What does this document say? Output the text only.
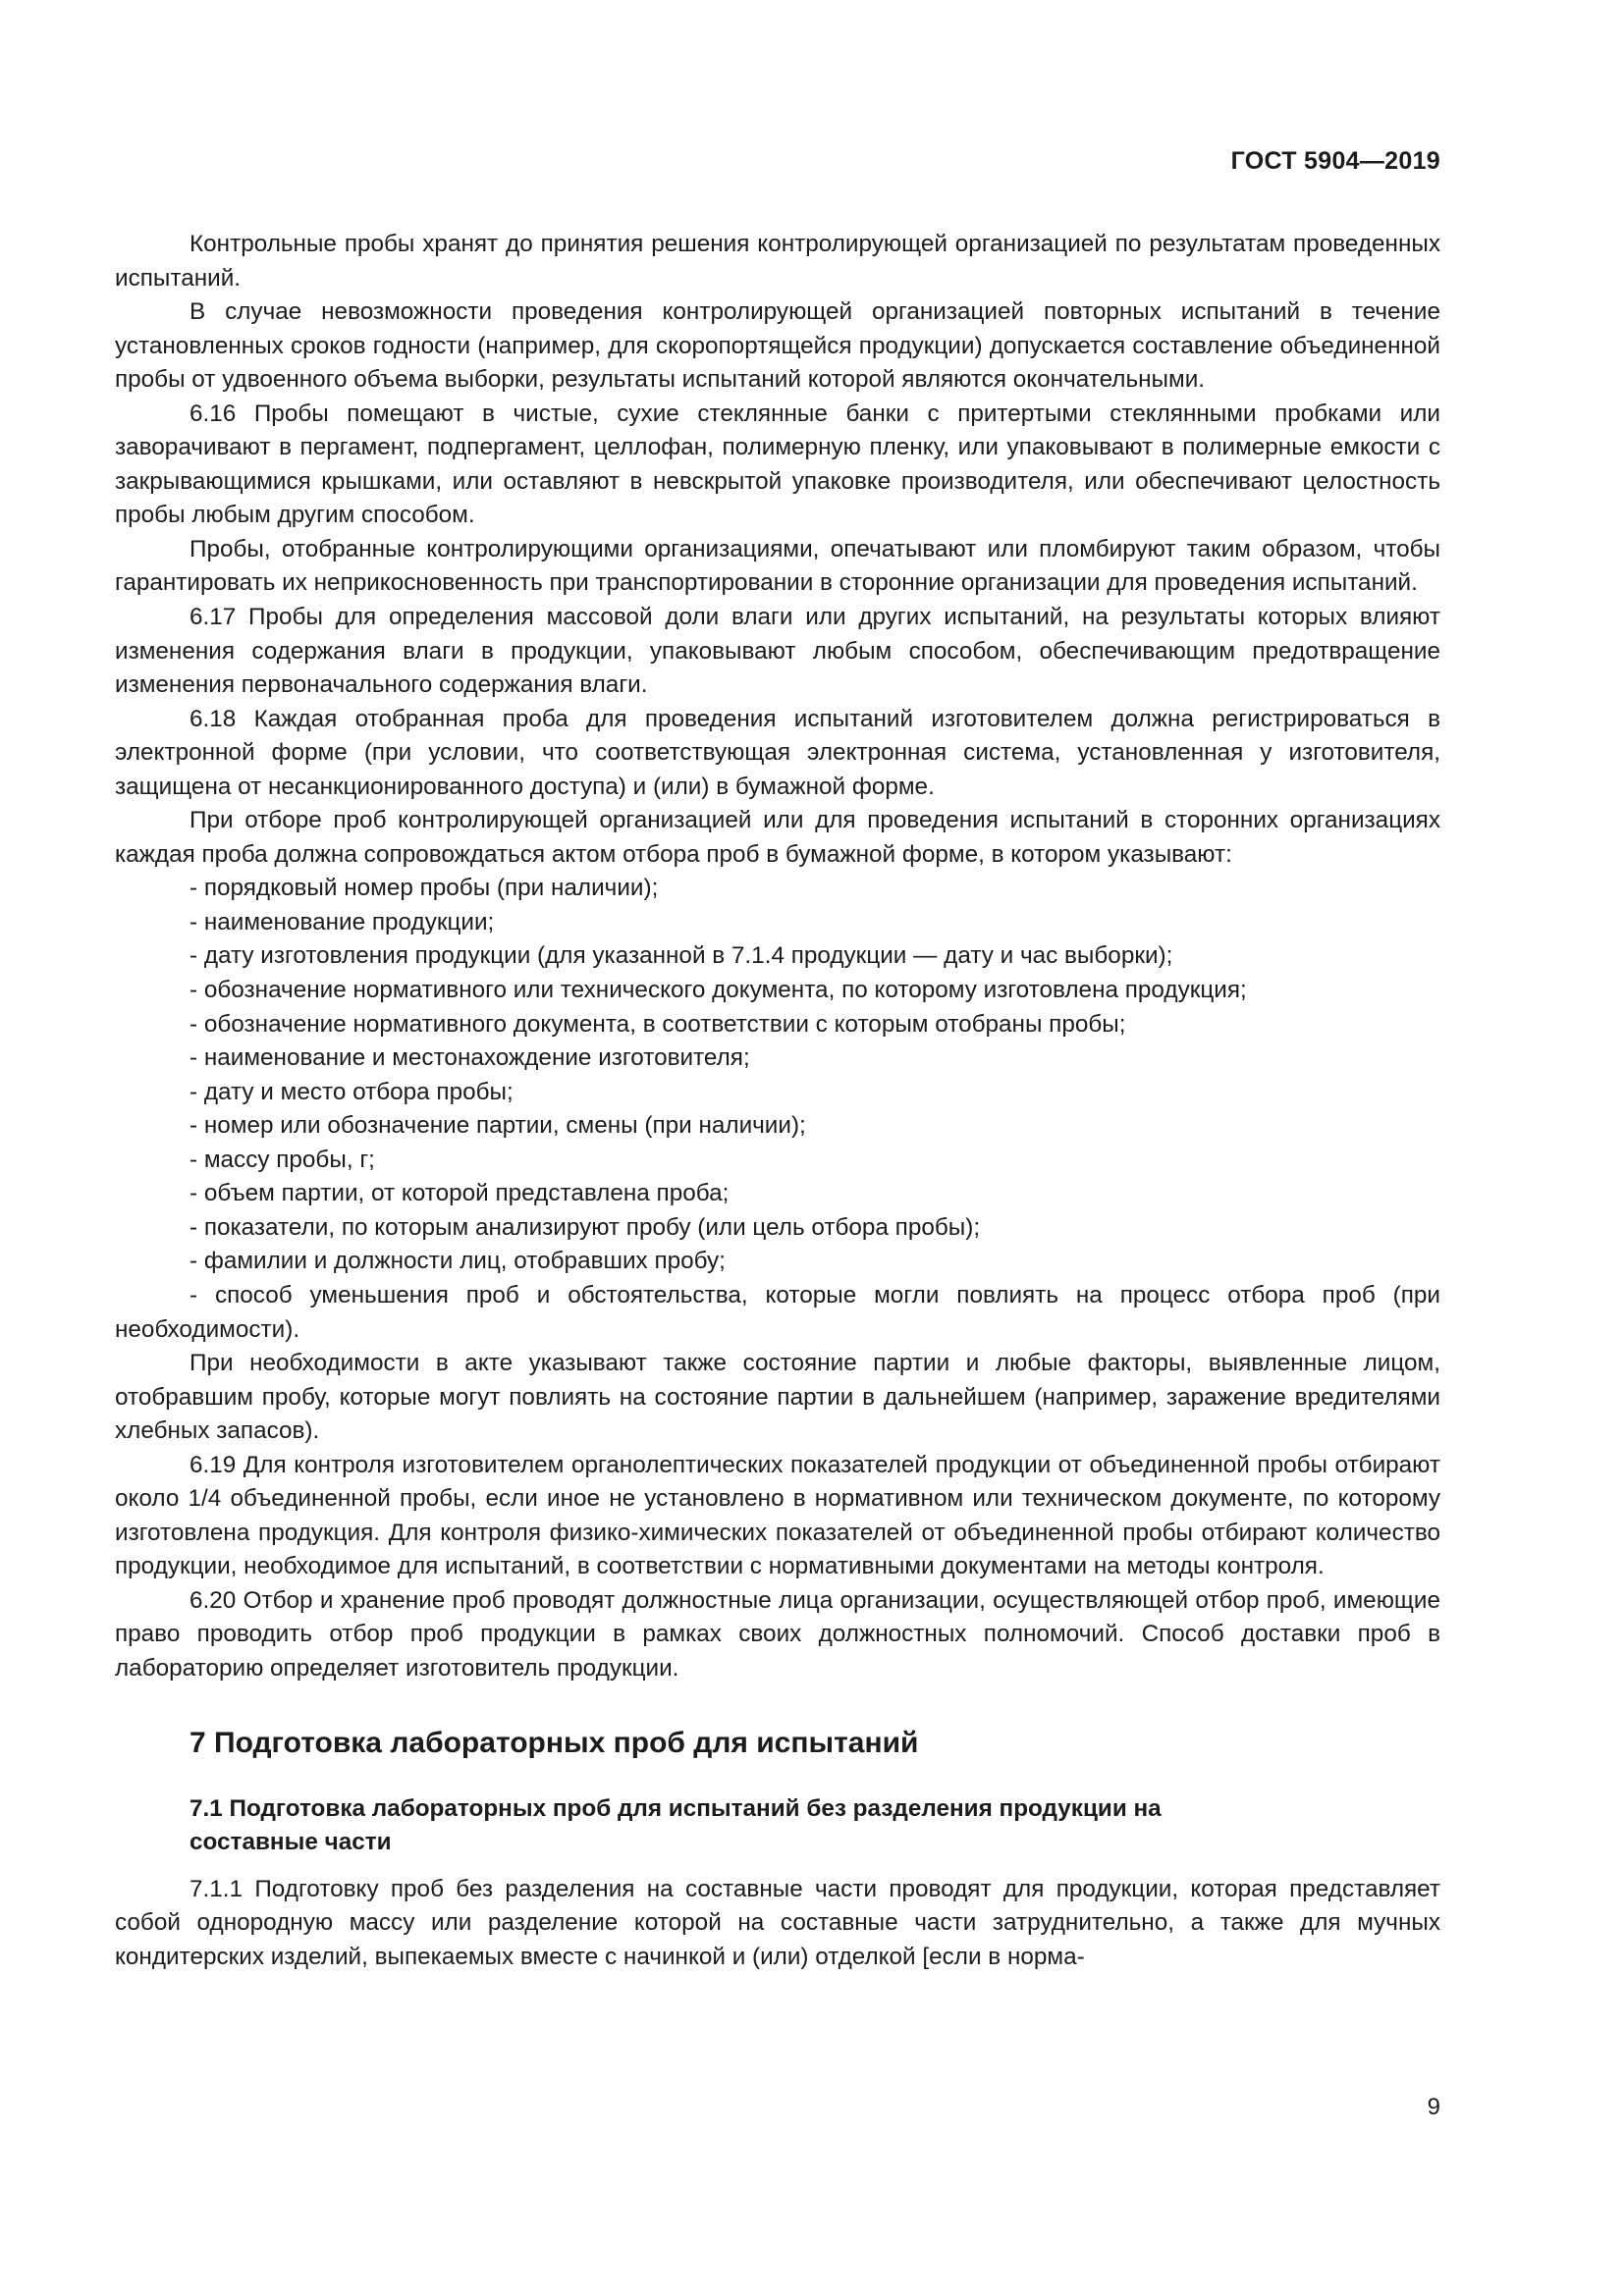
ГОСТ 5904—2019

Контрольные пробы хранят до принятия решения контролирующей организацией по результатам проведенных испытаний.

В случае невозможности проведения контролирующей организацией повторных испытаний в течение установленных сроков годности (например, для скоропортящейся продукции) допускается составление объединенной пробы от удвоенного объема выборки, результаты испытаний которой являются окончательными.

6.16 Пробы помещают в чистые, сухие стеклянные банки с притертыми стеклянными пробками или заворачивают в пергамент, подпергамент, целлофан, полимерную пленку, или упаковывают в полимерные емкости с закрывающимися крышками, или оставляют в невскрытой упаковке производителя, или обеспечивают целостность пробы любым другим способом.

Пробы, отобранные контролирующими организациями, опечатывают или пломбируют таким образом, чтобы гарантировать их неприкосновенность при транспортировании в сторонние организации для проведения испытаний.

6.17 Пробы для определения массовой доли влаги или других испытаний, на результаты которых влияют изменения содержания влаги в продукции, упаковывают любым способом, обеспечивающим предотвращение изменения первоначального содержания влаги.

6.18 Каждая отобранная проба для проведения испытаний изготовителем должна регистрироваться в электронной форме (при условии, что соответствующая электронная система, установленная у изготовителя, защищена от несанкционированного доступа) и (или) в бумажной форме.

При отборе проб контролирующей организацией или для проведения испытаний в сторонних организациях каждая проба должна сопровождаться актом отбора проб в бумажной форме, в котором указывают:

- порядковый номер пробы (при наличии);

- наименование продукции;

- дату изготовления продукции (для указанной в 7.1.4 продукции — дату и час выборки);

- обозначение нормативного или технического документа, по которому изготовлена продукция;

- обозначение нормативного документа, в соответствии с которым отобраны пробы;

- наименование и местонахождение изготовителя;

- дату и место отбора пробы;

- номер или обозначение партии, смены (при наличии);

- массу пробы, г;

- объем партии, от которой представлена проба;

- показатели, по которым анализируют пробу (или цель отбора пробы);

- фамилии и должности лиц, отобравших пробу;

- способ уменьшения проб и обстоятельства, которые могли повлиять на процесс отбора проб (при необходимости).

При необходимости в акте указывают также состояние партии и любые факторы, выявленные лицом, отобравшим пробу, которые могут повлиять на состояние партии в дальнейшем (например, заражение вредителями хлебных запасов).

6.19 Для контроля изготовителем органолептических показателей продукции от объединенной пробы отбирают около 1/4 объединенной пробы, если иное не установлено в нормативном или техническом документе, по которому изготовлена продукция. Для контроля физико-химических показателей от объединенной пробы отбирают количество продукции, необходимое для испытаний, в соответствии с нормативными документами на методы контроля.

6.20 Отбор и хранение проб проводят должностные лица организации, осуществляющей отбор проб, имеющие право проводить отбор проб продукции в рамках своих должностных полномочий. Способ доставки проб в лабораторию определяет изготовитель продукции.

7 Подготовка лабораторных проб для испытаний
7.1 Подготовка лабораторных проб для испытаний без разделения продукции на составные части

7.1.1 Подготовку проб без разделения на составные части проводят для продукции, которая представляет собой однородную массу или разделение которой на составные части затруднительно, а также для мучных кондитерских изделий, выпекаемых вместе с начинкой и (или) отделкой [если в норма-

9
